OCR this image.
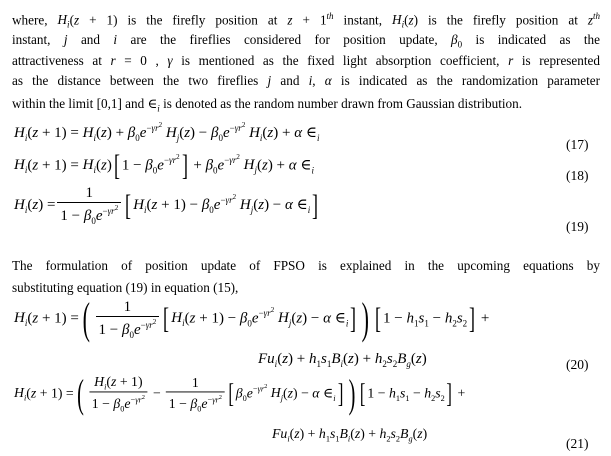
where, $H_i(z + 1)$ is the firefly position at z + 1th instant, $H_i(z)$ is the firefly position at $z^{th}$
instant, j and i are the fireflies considered for position update, $\beta_0$ is indicated as the
attractiveness at r = 0 , γ is mentioned as the fixed light absorption coefficient, r is represented
as the distance between the two fireflies j and i, α is indicated as the randomization parameter
within the limit [0,1] and $\in_i$ is denoted as the random number drawn from Gaussian distribution.
$H_i(z + 1) = H_i(z) + \beta_0e^{-\gamma r^2}$ $H_j(z) - \beta_0e^{-\gamma r^2}$ $H_i(z) + \alpha$ $\in_i$	(17)
$H_i(z + 1) = H_i(z)$[ $1 - \beta_0e^{-\gamma r^2}] + \beta_0e^{-\gamma r^2}$ $H_j(z) + \alpha$ $\in_i$	(18)
$H_i(z) = \frac{1}{1 - \beta_0e^{-\gamma r^2}}$ [ $H_i(z + 1) - \beta_0e^{-\gamma r^2}$ $H_j(z) - \alpha$ $\in_i$]
(19)
The formulation of position update of FPSO is explained in the upcoming equations by
substituting equation (19) in equation (15),
$H_i(z + 1)$ =( $\frac{1}{1 - \beta_0e^{-\gamma r^2}}$ [ $H_i(z + 1) - \beta_0e^{-\gamma r^2}$ $H_j(z) - \alpha$ $\in_i$] ) [ $1 - h_1s_1 - h_2s_2$] +
$Fu_i(z) + h_1s_1B_i(z) + h_2s_2B_g(z)$	(20)
$H_i(z + 1)$ =( $\frac{H_i(z + 1)}{1 - \beta_0e^{-\gamma r^2}} - \frac{1}{1 - \beta_0e^{-\gamma r^2}}$ [ $\beta_0e^{-\gamma r^2}$ $H_j(z) - \alpha$ $\in_i$] ) [ $1 - h_1s_1 - h_2s_2$] +
$Fu_i(z) + h_1s_1B_i(z) + h_2s_2B_g(z)$
(21)
